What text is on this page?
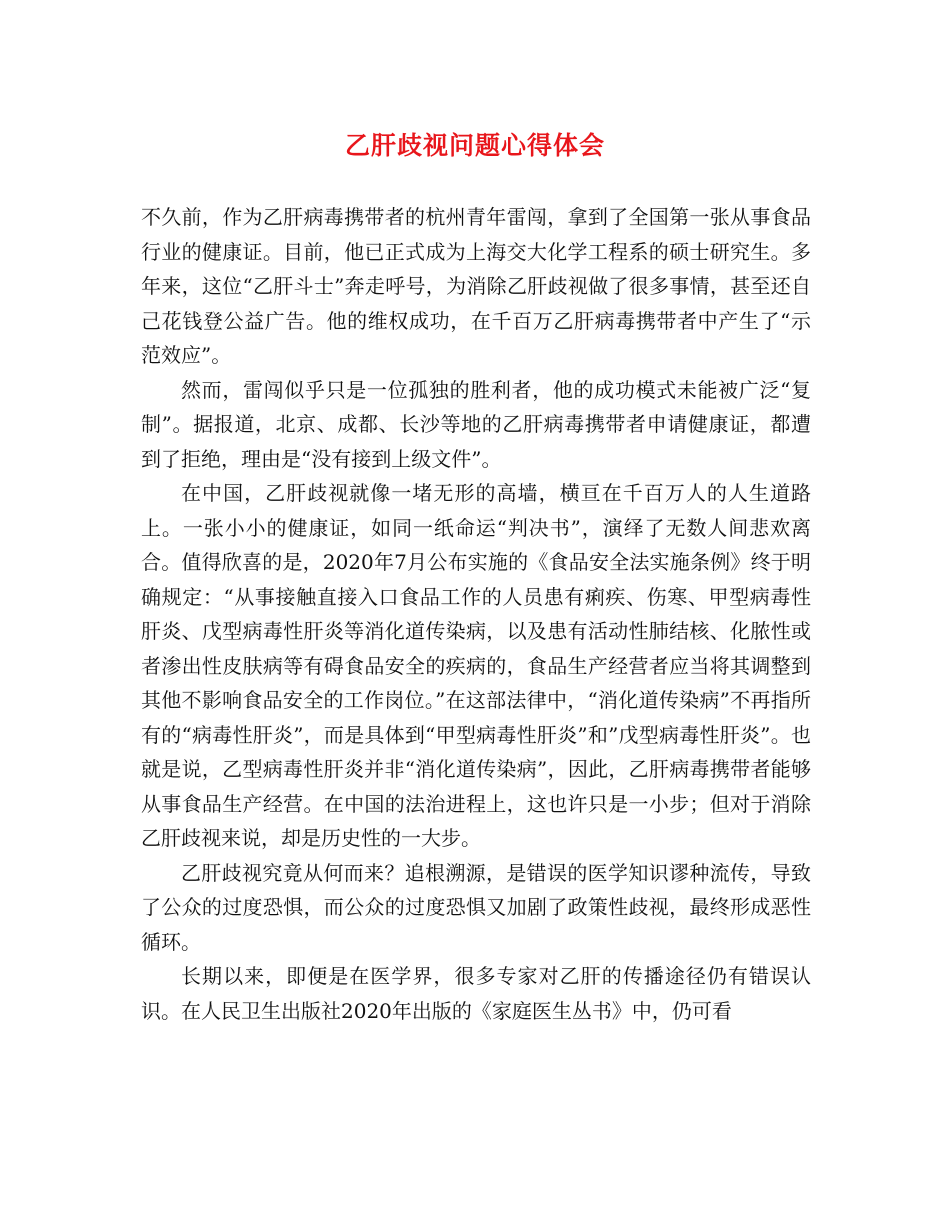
乙肝歧视问题心得体会

不久前，作为乙肝病毒携带者的杭州青年雷闯，拿到了全国第一张从事食品行业的健康证。目前，他已正式成为上海交大化学工程系的硕士研究生。多年来，这位“乙肝斗士”奔走呼号，为消除乙肝歧视做了很多事情，甚至还自己花钱登公益广告。他的维权成功，在千百万乙肝病毒携带者中产生了“示范效应”。

然而，雷闯似乎只是一位孤独的胜利者，他的成功模式未能被广泛“复制”。据报道，北京、成都、长沙等地的乙肝病毒携带者申请健康证，都遭到了拒绝，理由是“没有接到上级文件”。

在中国，乙肝歧视就像一堵无形的高墙，横亘在千百万人的人生道路上。一张小小的健康证，如同一纸命运“判决书”，演绎了无数人间悲欢离合。值得欣喜的是，2020年7月公布实施的《食品安全法实施条例》终于明确规定：“从事接触直接入口食品工作的人员患有痢疾、伤寒、甲型病毒性肝炎、戊型病毒性肝炎等消化道传染病，以及患有活动性肺结核、化脓性或者渗出性皮肤病等有碍食品安全的疾病的，食品生产经营者应当将其调整到其他不影响食品安全的工作岗位。”在这部法律中，“消化道传染病”不再指所有的“病毒性肝炎”，而是具体到“甲型病毒性肝炎”和”戊型病毒性肝炎”。也就是说，乙型病毒性肝炎并非“消化道传染病”，因此，乙肝病毒携带者能够从事食品生产经营。在中国的法治进程上，这也许只是一小步；但对于消除乙肝歧视来说，却是历史性的一大步。

乙肝歧视究竟从何而来？追根溯源，是错误的医学知识谬种流传，导致了公众的过度恐惧，而公众的过度恐惧又加剧了政策性歧视，最终形成恶性循环。

长期以来，即便是在医学界，很多专家对乙肝的传播途径仍有错误认识。在人民卫生出版社2020年出版的《家庭医生丛书》中，仍可看
